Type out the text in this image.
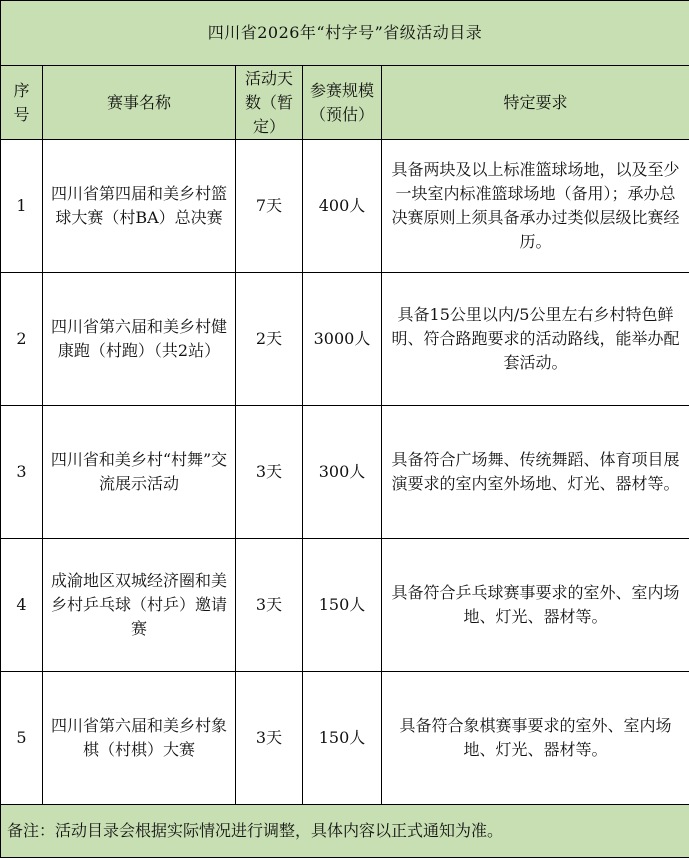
四川省2026年“村字号”省级活动目录				
序号	赛事名称	活动天数（暂定）	参赛规模（预估）	特定要求
1	四川省第四届和美乡村篮球大赛（村BA）总决赛	7天	400人	具备两块及以上标准篮球场地，以及至少一块室内标准篮球场地（备用）；承办总决赛原则上须具备承办过类似层级比赛经历。
2	四川省第六届和美乡村健康跑（村跑）（共2站）	2天	3000人	具备15公里以内/5公里左右乡村特色鲜明、符合路跑要求的活动路线，能举办配套活动。
3	四川省和美乡村“村舞”交流展示活动	3天	300人	具备符合广场舞、传统舞蹈、体育项目展演要求的室内室外场地、灯光、器材等。
4	成渝地区双城经济圈和美乡村乒乓球（村乒）邀请赛	3天	150人	具备符合乒乓球赛事要求的室外、室内场地、灯光、器材等。
5	四川省第六届和美乡村象棋（村棋）大赛	3天	150人	具备符合象棋赛事要求的室外、室内场地、灯光、器材等。
备注：活动目录会根据实际情况进行调整，具体内容以正式通知为准。				
